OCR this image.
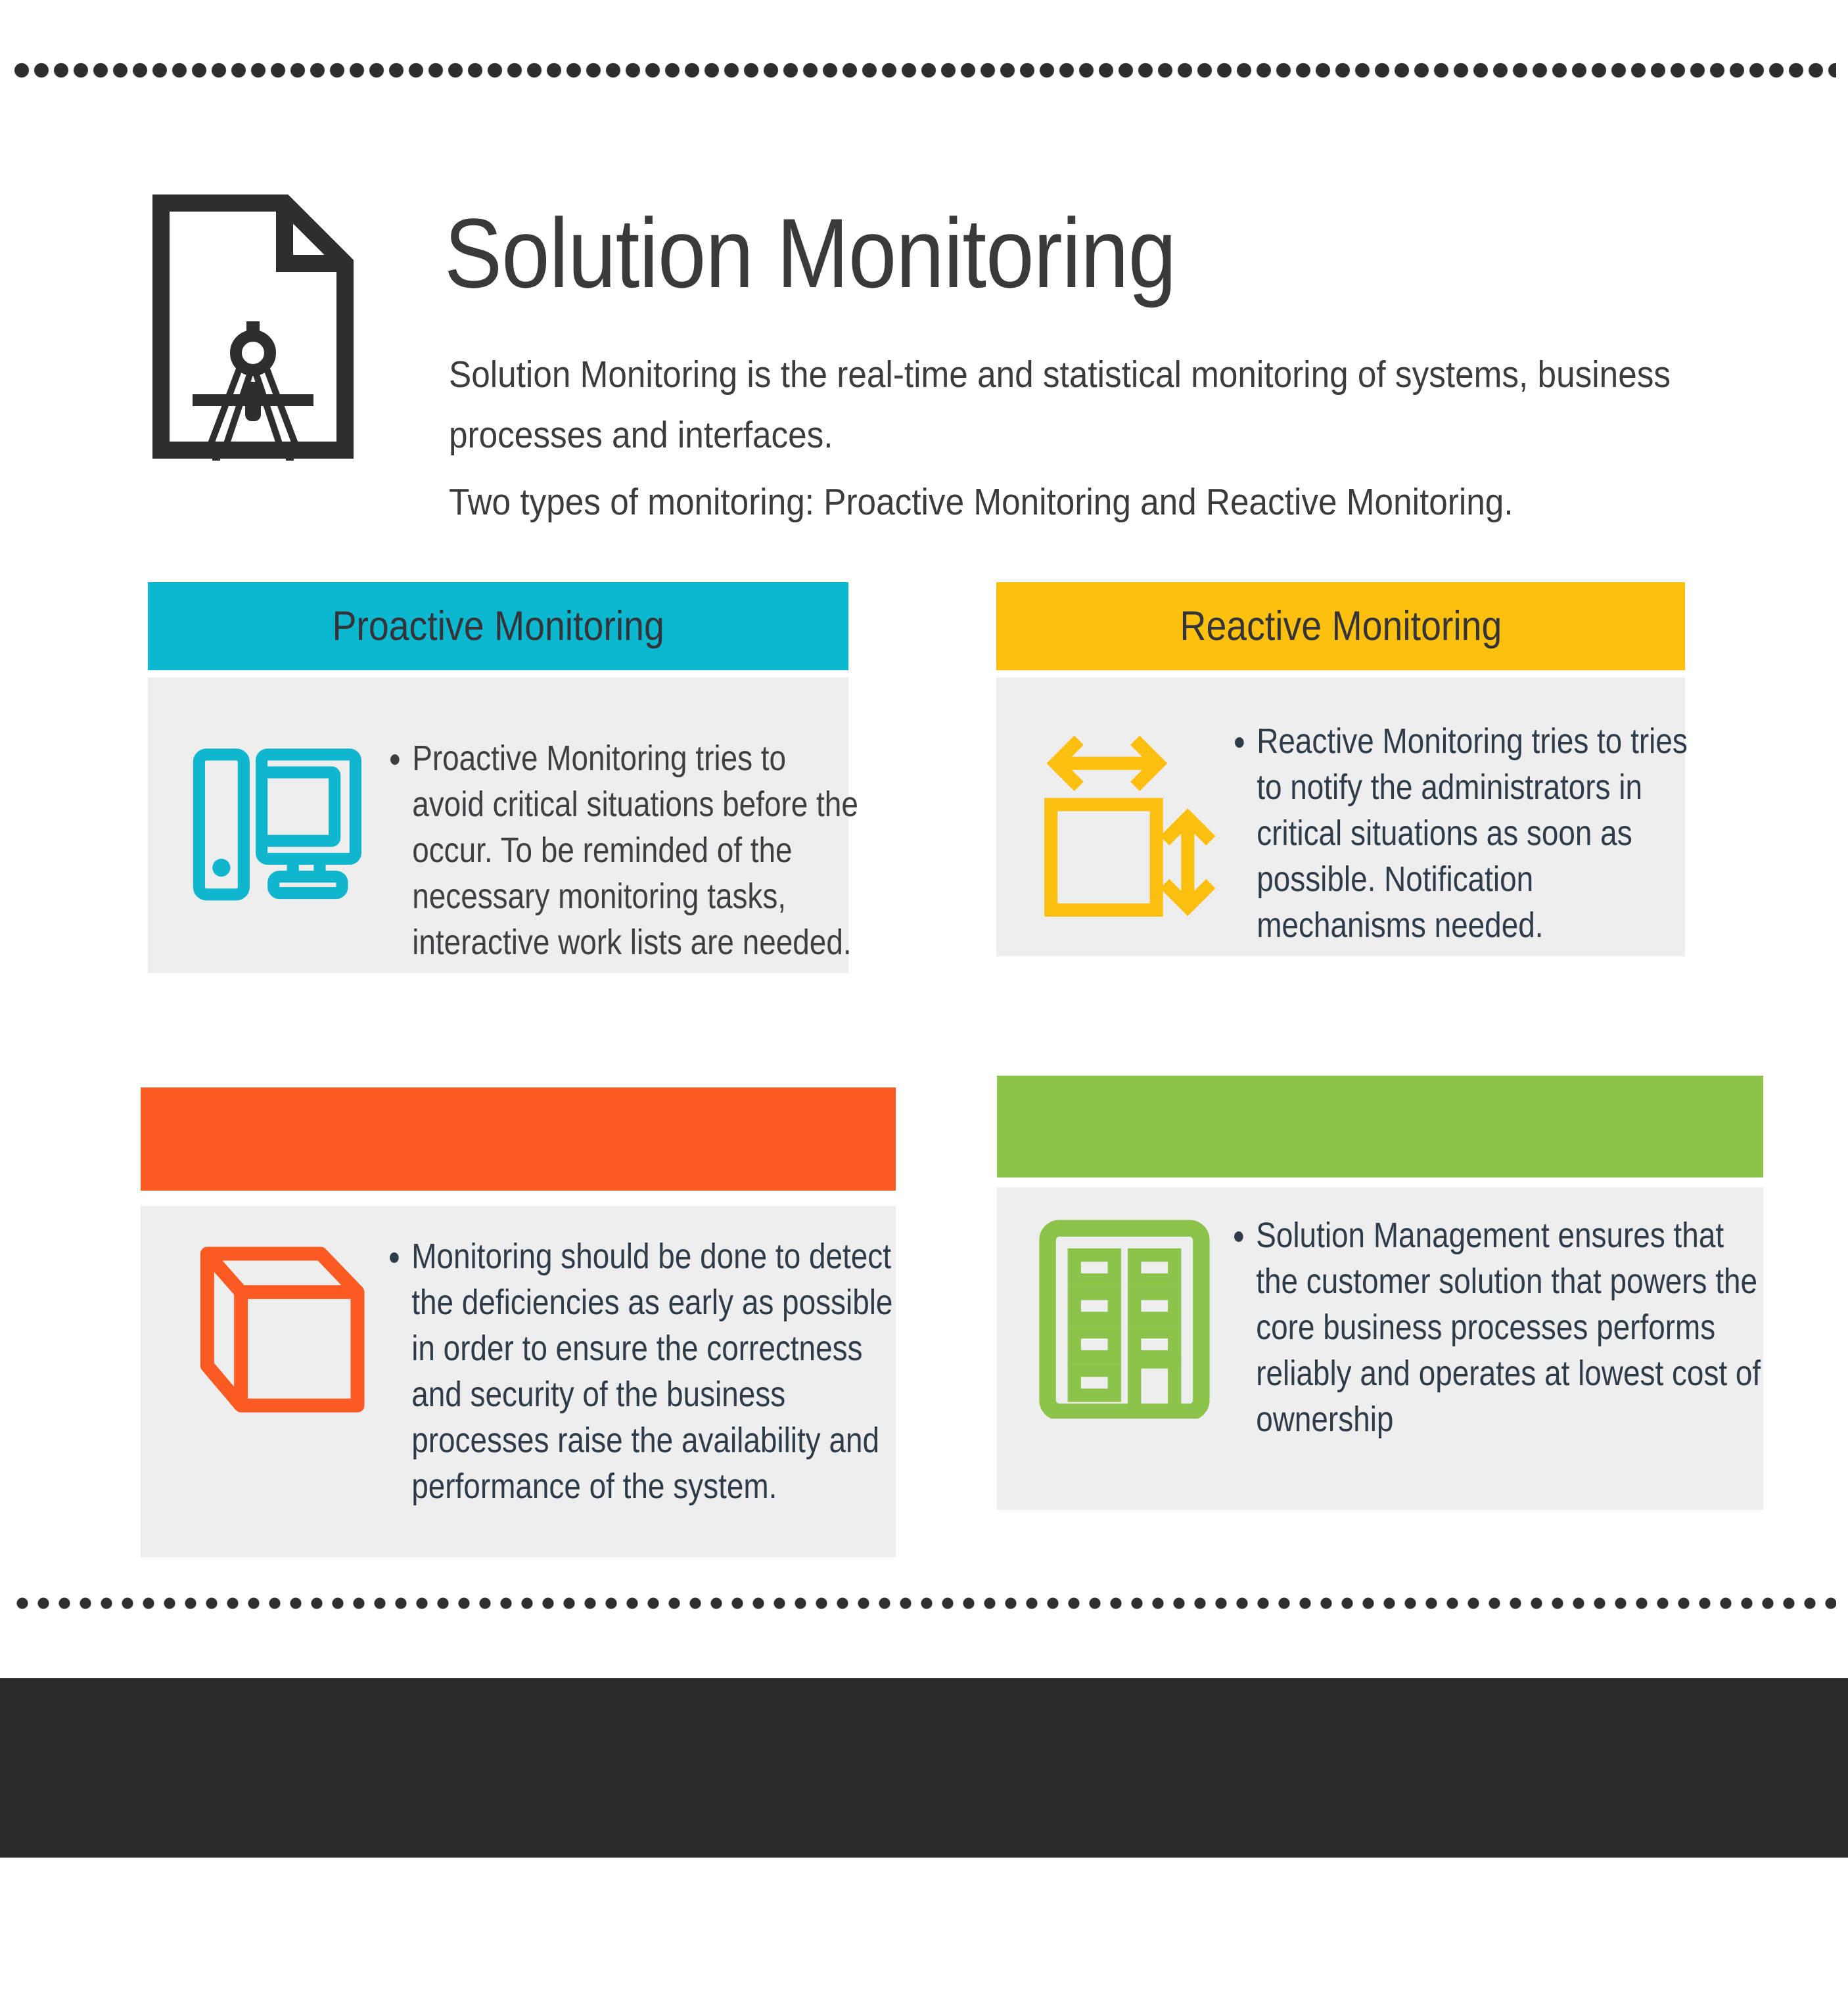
Solution Monitoring
Solution Monitoring is the real-time and statistical monitoring of systems, business
processes and interfaces.
Two types of monitoring: Proactive Monitoring and Reactive Monitoring.
Proactive Monitoring
• Proactive Monitoring tries to avoid critical situations before the occur. To be reminded of the necessary monitoring tasks, interactive work lists are needed.
Reactive Monitoring
• Reactive Monitoring tries to tries to notify the administrators in critical situations as soon as possible. Notification mechanisms needed.
• Monitoring should be done to detect the deficiencies as early as possible in order to ensure the correctness and security of the business processes raise the availability and performance of the system.
• Solution Management ensures that the customer solution that powers the core business processes performs reliably and operates at lowest cost of ownership
